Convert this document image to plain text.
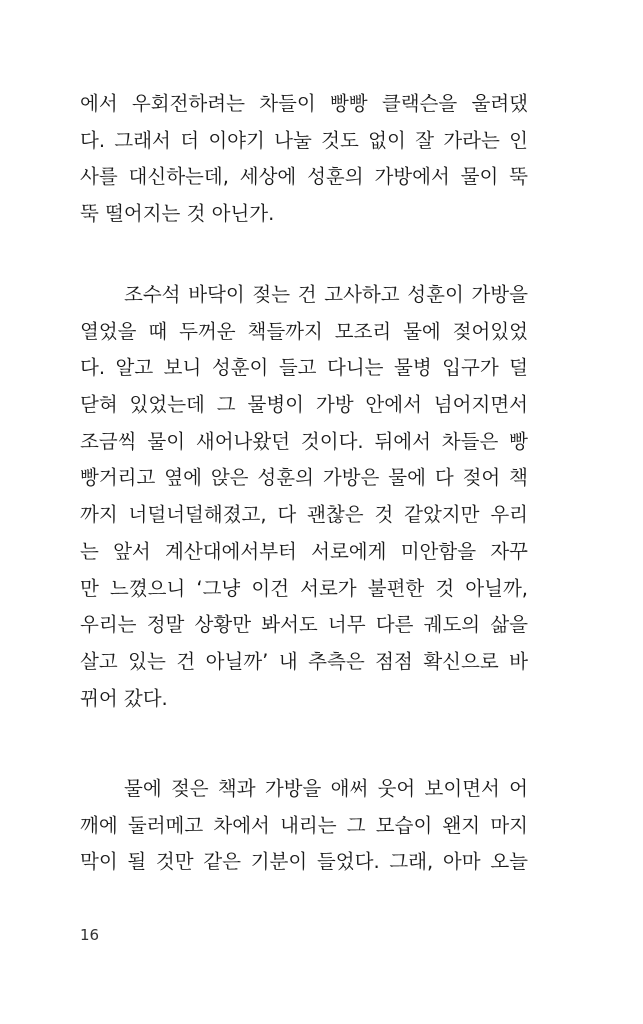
에서 우회전하려는 차들이 빵빵 클랙슨을 울려댔
다. 그래서 더 이야기 나눌 것도 없이 잘 가라는 인
사를 대신하는데, 세상에 성훈의 가방에서 물이 뚝
뚝 떨어지는 것 아닌가.
조수석 바닥이 젖는 건 고사하고 성훈이 가방을
열었을 때 두꺼운 책들까지 모조리 물에 젖어있었
다. 알고 보니 성훈이 들고 다니는 물병 입구가 덜
닫혀 있었는데 그 물병이 가방 안에서 넘어지면서
조금씩 물이 새어나왔던 것이다. 뒤에서 차들은 빵
빵거리고 옆에 앉은 성훈의 가방은 물에 다 젖어 책
까지 너덜너덜해졌고, 다 괜찮은 것 같았지만 우리
는 앞서 계산대에서부터 서로에게 미안함을 자꾸
만 느꼈으니 ‘그냥 이건 서로가 불편한 것 아닐까,
우리는 정말 상황만 봐서도 너무 다른 궤도의 삶을
살고 있는 건 아닐까’ 내 추측은 점점 확신으로 바
뀌어 갔다.
물에 젖은 책과 가방을 애써 웃어 보이면서 어
깨에 둘러메고 차에서 내리는 그 모습이 왠지 마지
막이 될 것만 같은 기분이 들었다. 그래, 아마 오늘
16
